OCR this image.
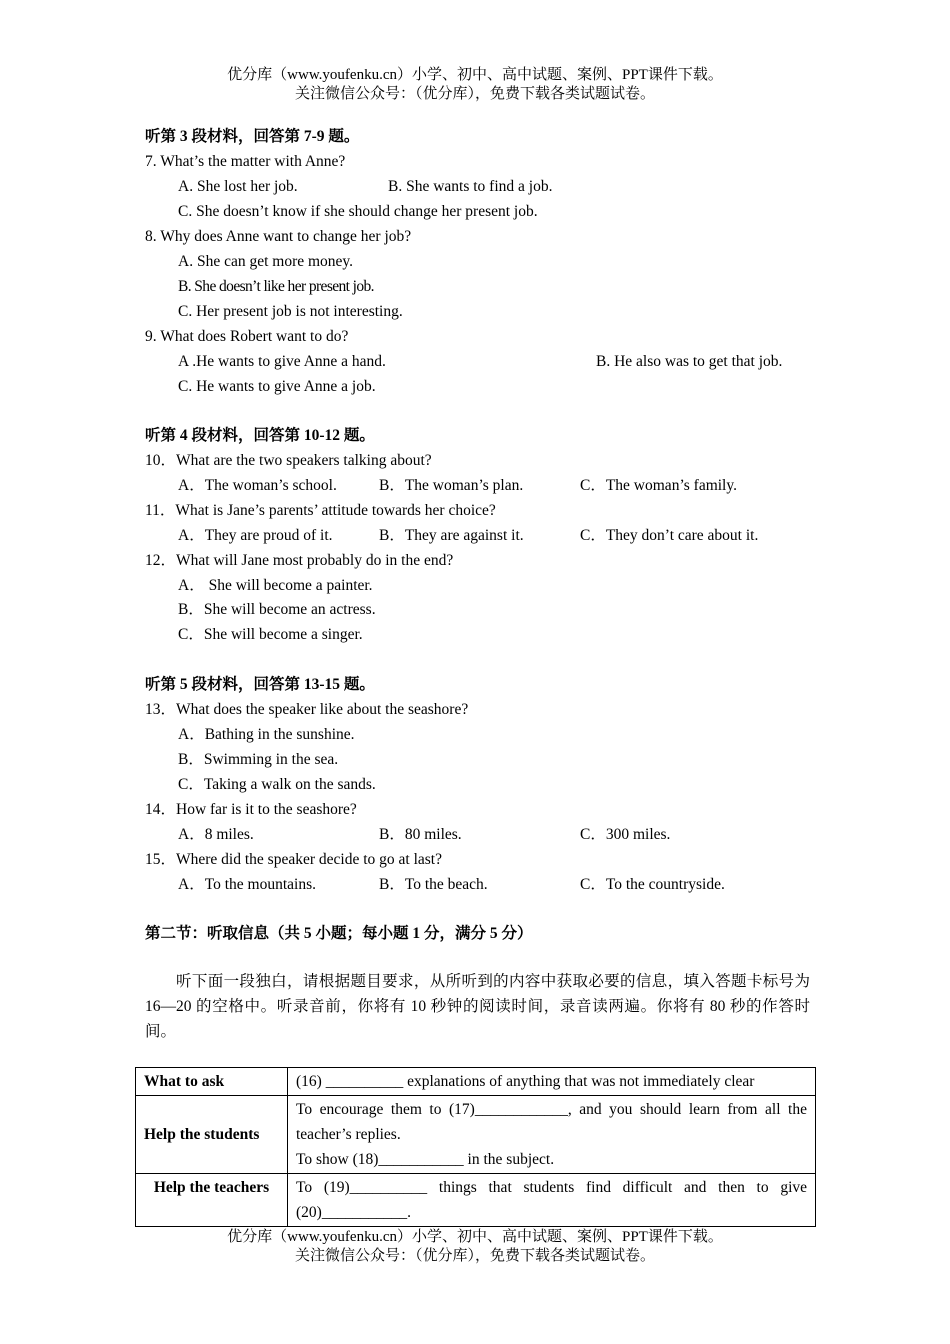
优分库（www.youfenku.cn）小学、初中、高中试题、案例、PPT课件下载。
关注微信公众号：（优分库），免费下载各类试题试卷。
听第 3 段材料，回答第 7-9 题。
7. What’s the matter with Anne?
A. She lost her job.	B. She wants to find a job.
C. She doesn’t know if she should change her present job.
8. Why does Anne want to change her job?
A. She can get more money.
B. She doesn’t like her present job.
C. Her present job is not interesting.
9. What does Robert want to do?
A .He wants to give Anne a hand.	B. He also was to get that job.
C. He wants to give Anne a job.
听第 4 段材料，回答第 10-12 题。
10．What are the two speakers talking about?
A．The woman’s school.	B．The woman’s plan.	C．The woman’s family.
11．What is Jane’s parents’ attitude towards her choice?
A．They are proud of it.	B．They are against it.	C．They don’t care about it.
12．What will Jane most probably do in the end?
A． She will become a painter.
B．She will become an actress.
C．She will become a singer.
听第 5 段材料，回答第 13-15 题。
13．What does the speaker like about the seashore?
A．Bathing in the sunshine.
B．Swimming in the sea.
C．Taking a walk on the sands.
14．How far is it to the seashore?
A．8 miles.	B．80 miles.	C．300 miles.
15．Where did the speaker decide to go at last?
A．To the mountains.	B．To the beach.	C．To the countryside.
第二节：听取信息（共 5 小题；每小题 1 分，满分 5 分）
听下面一段独白，请根据题目要求，从所听到的内容中获取必要的信息，填入答题卡标号为 16—20 的空格中。听录音前，你将有 10 秒钟的阅读时间，录音读两遍。你将有 80 秒的作答时间。
What to ask	(16) __________ explanations of anything that was not immediately clear

Help the students	To encourage them to (17)____________, and you should learn from all the
teacher’s replies.
To show (18)___________ in the subject.

Help the teachers	To (19)__________ things that students find difficult and then to give
(20)___________.
优分库（www.youfenku.cn）小学、初中、高中试题、案例、PPT课件下载。
关注微信公众号：（优分库），免费下载各类试题试卷。
